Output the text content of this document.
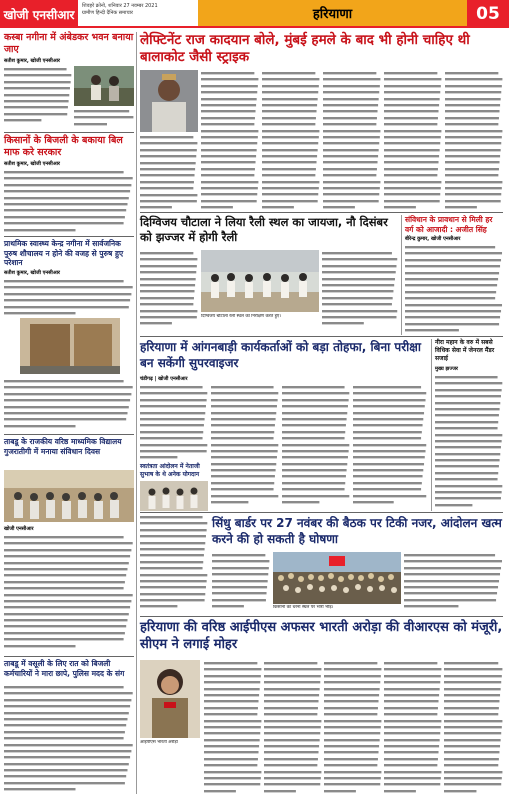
खोजी एनसीआर
शिवहरे क्रोनो, शनिवार 27 नवम्बर 2021
ग्रामीण हिन्दी दैनिक समाचार	हरियाणा	05
लेफ्टिनेंट राज कादयान बोले, मुंबई हमले के बाद भी होनी चाहिए थी बालाकोट जैसी स्ट्राइक
कस्बा नगीना में अंबेडकर भवन बनाया जाए
सतीश कुमार, खोजी एनसीआर
किसानों के बिजली के बकाया बिल माफ करे सरकार
सतीश कुमार, खोजी एनसीआर
प्राथमिक स्वास्थ्य केन्द्र नगीना में सार्वजनिक पुरुष शौचालय न होने की वजह से पुरुष हुए परेशान
सतीश कुमार, खोजी एनसीआर
ताबडू के राजकीय वरिष्ठ माध्यमिक विद्यालय गुजरातीगी में मनाया संविधान दिवस
खोजी एनसीआर
ताबडू में वसूली के लिए रात को बिजली कर्मचारियों ने मारा छापे, पुलिस मदद के संग
दिग्विजय चौटाला ने लिया रैली स्थल का जायजा, नौ दिसंबर को झज्जर में होगी रैली
दिग्विजय चौटाला रैली स्थल का निरीक्षण करते हुए।
संविधान के प्रावधान से मिली हर वर्ग को आजादी : अजीत सिंह
बीरेन्द्र कुमार, खोजी एनसीआर
हरियाणा में आंगनबाड़ी कार्यकर्ताओं को बड़ा तोहफा, बिना परीक्षा बन सकेंगी सुपरवाइजर
चंडीगढ़ | खोजी एनसीआर
नीरा महान के वरु में सबसे विधिक सेवा में जेनरल मैंडर सजाई
मुख्य झज्जर
स्वतंत्रता आंदोलन में नेताजी सुभाष के थे अनेक योगदान
सिंधु बार्डर पर 27 नवंबर की बैठक पर टिकी नजर, आंदोलन खत्म करने की हो सकती है घोषणा
किसानों का धरना स्थल पर भारी भीड़।
हरियाणा की वरिष्ठ आईपीएस अफसर भारती अरोड़ा की वीआरएस को मंजूरी, सीएम ने लगाई मोहर
आईपीएस भारती अरोड़ा
